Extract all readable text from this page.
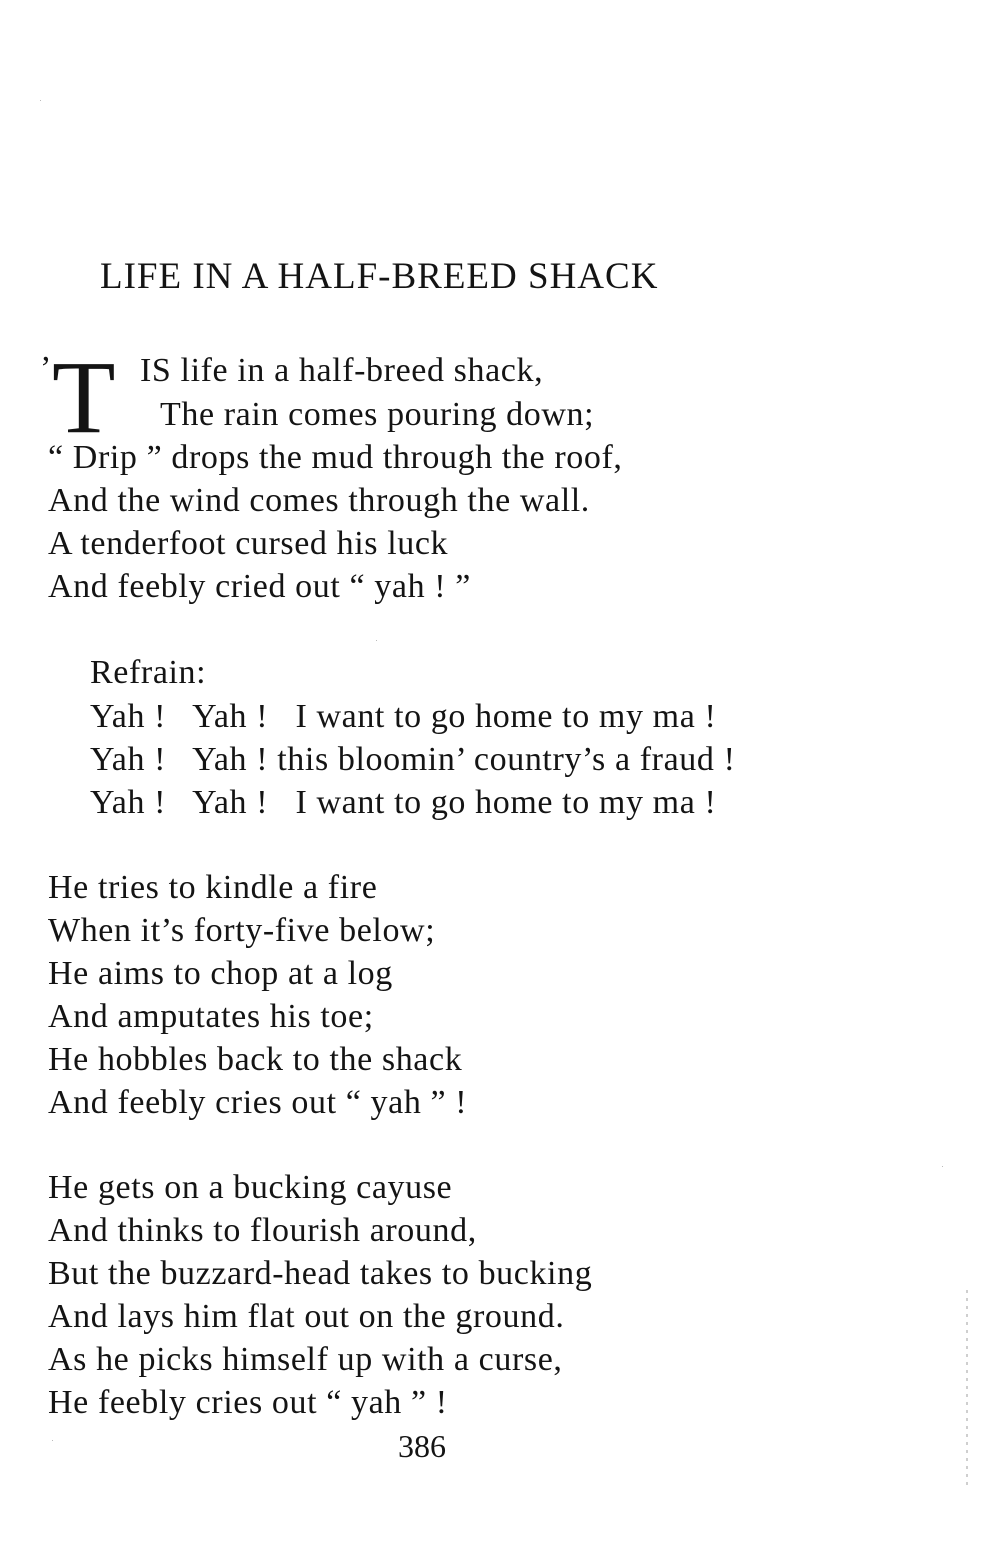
LIFE IN A HALF-BREED SHACK
’ T IS life in a half-breed shack,
The rain comes pouring down;
“ Drip ” drops the mud through the roof,
And the wind comes through the wall.
A tenderfoot cursed his luck
And feebly cried out “ yah ! ”
Refrain:
Yah !   Yah !   I want to go home to my ma !
Yah !   Yah ! this bloomin’ country’s a fraud !
Yah !   Yah !   I want to go home to my ma !
He tries to kindle a fire
When it’s forty-five below;
He aims to chop at a log
And amputates his toe;
He hobbles back to the shack
And feebly cries out “ yah ” !
He gets on a bucking cayuse
And thinks to flourish around,
But the buzzard-head takes to bucking
And lays him flat out on the ground.
As he picks himself up with a curse,
He feebly cries out “ yah ” !
386
